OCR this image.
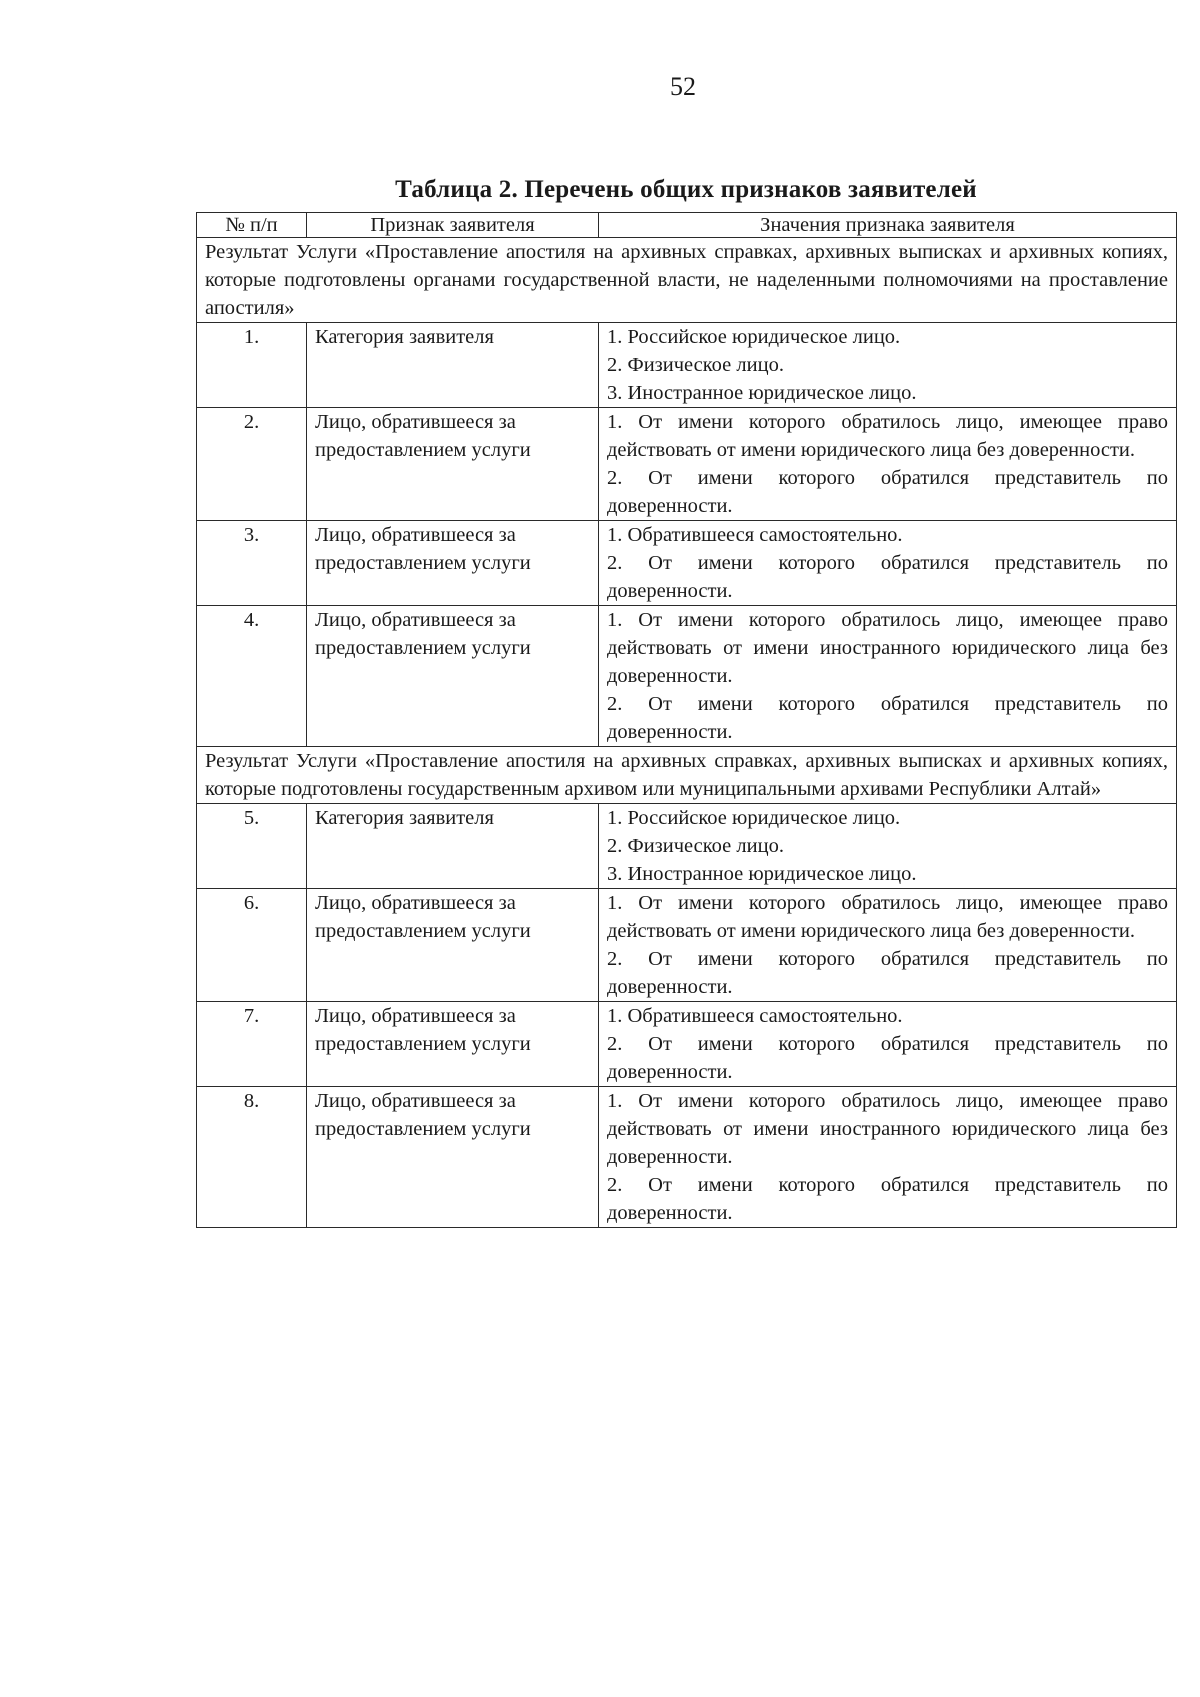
52
Таблица 2. Перечень общих признаков заявителей
№ п/п	Признак заявителя	Значения признака заявителя
Результат Услуги «Проставление апостиля на архивных справках, архивных выписках и архивных копиях, которые подготовлены органами государственной власти, не наделенными полномочиями на проставление апостиля»		
1.	Категория заявителя	1. Российское юридическое лицо.
2. Физическое лицо.
3. Иностранное юридическое лицо.

2.	Лицо, обратившееся за предоставлением услуги	1. От имени которого обратилось лицо, имеющее право действовать от имени юридического лица без доверенности.
2. От имени которого обратился представитель по доверенности.

3.	Лицо, обратившееся за предоставлением услуги	1. Обратившееся самостоятельно.
2. От имени которого обратился представитель по доверенности.

4.	Лицо, обратившееся за предоставлением услуги	1. От имени которого обратилось лицо, имеющее право действовать от имени иностранного юридического лица без доверенности.
2. От имени которого обратился представитель по доверенности.

Результат Услуги «Проставление апостиля на архивных справках, архивных выписках и архивных копиях, которые подготовлены государственным архивом или муниципальными архивами Республики Алтай»		
5.	Категория заявителя	1. Российское юридическое лицо.
2. Физическое лицо.
3. Иностранное юридическое лицо.

6.	Лицо, обратившееся за предоставлением услуги	1. От имени которого обратилось лицо, имеющее право действовать от имени юридического лица без доверенности.
2. От имени которого обратился представитель по доверенности.

7.	Лицо, обратившееся за предоставлением услуги	1. Обратившееся самостоятельно.
2. От имени которого обратился представитель по доверенности.

8.	Лицо, обратившееся за предоставлением услуги	1. От имени которого обратилось лицо, имеющее право действовать от имени иностранного юридического лица без доверенности.
2. От имени которого обратился представитель по доверенности.
